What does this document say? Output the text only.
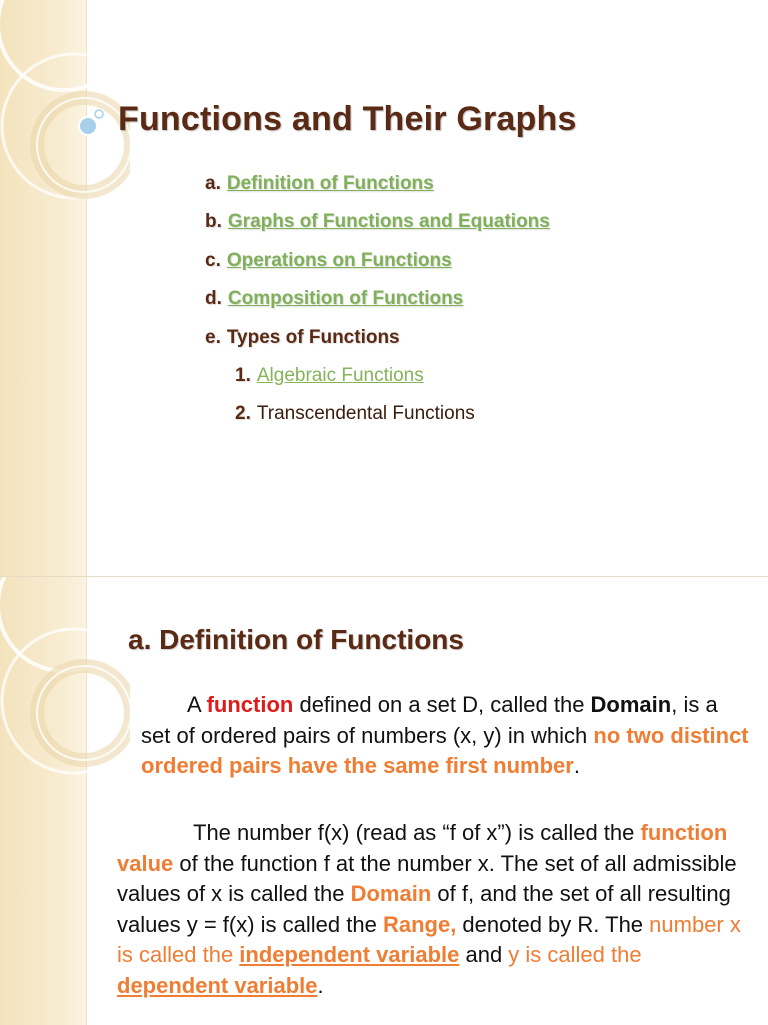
Functions and Their Graphs
a. Definition of Functions
b. Graphs of Functions and Equations
c. Operations on Functions
d. Composition of Functions
e. Types of Functions
1. Algebraic Functions
2. Transcendental Functions
a. Definition of Functions

A function defined on a set D, called the Domain, is a set of ordered pairs of numbers (x, y) in which no two distinct ordered pairs have the same first number.

The number f(x) (read as “f of x”) is called the function value of the function f at the number x. The set of all admissible values of x is called the Domain of f, and the set of all resulting values y = f(x) is called the Range, denoted by R. The number x is called the independent variable and y is called the dependent variable.
